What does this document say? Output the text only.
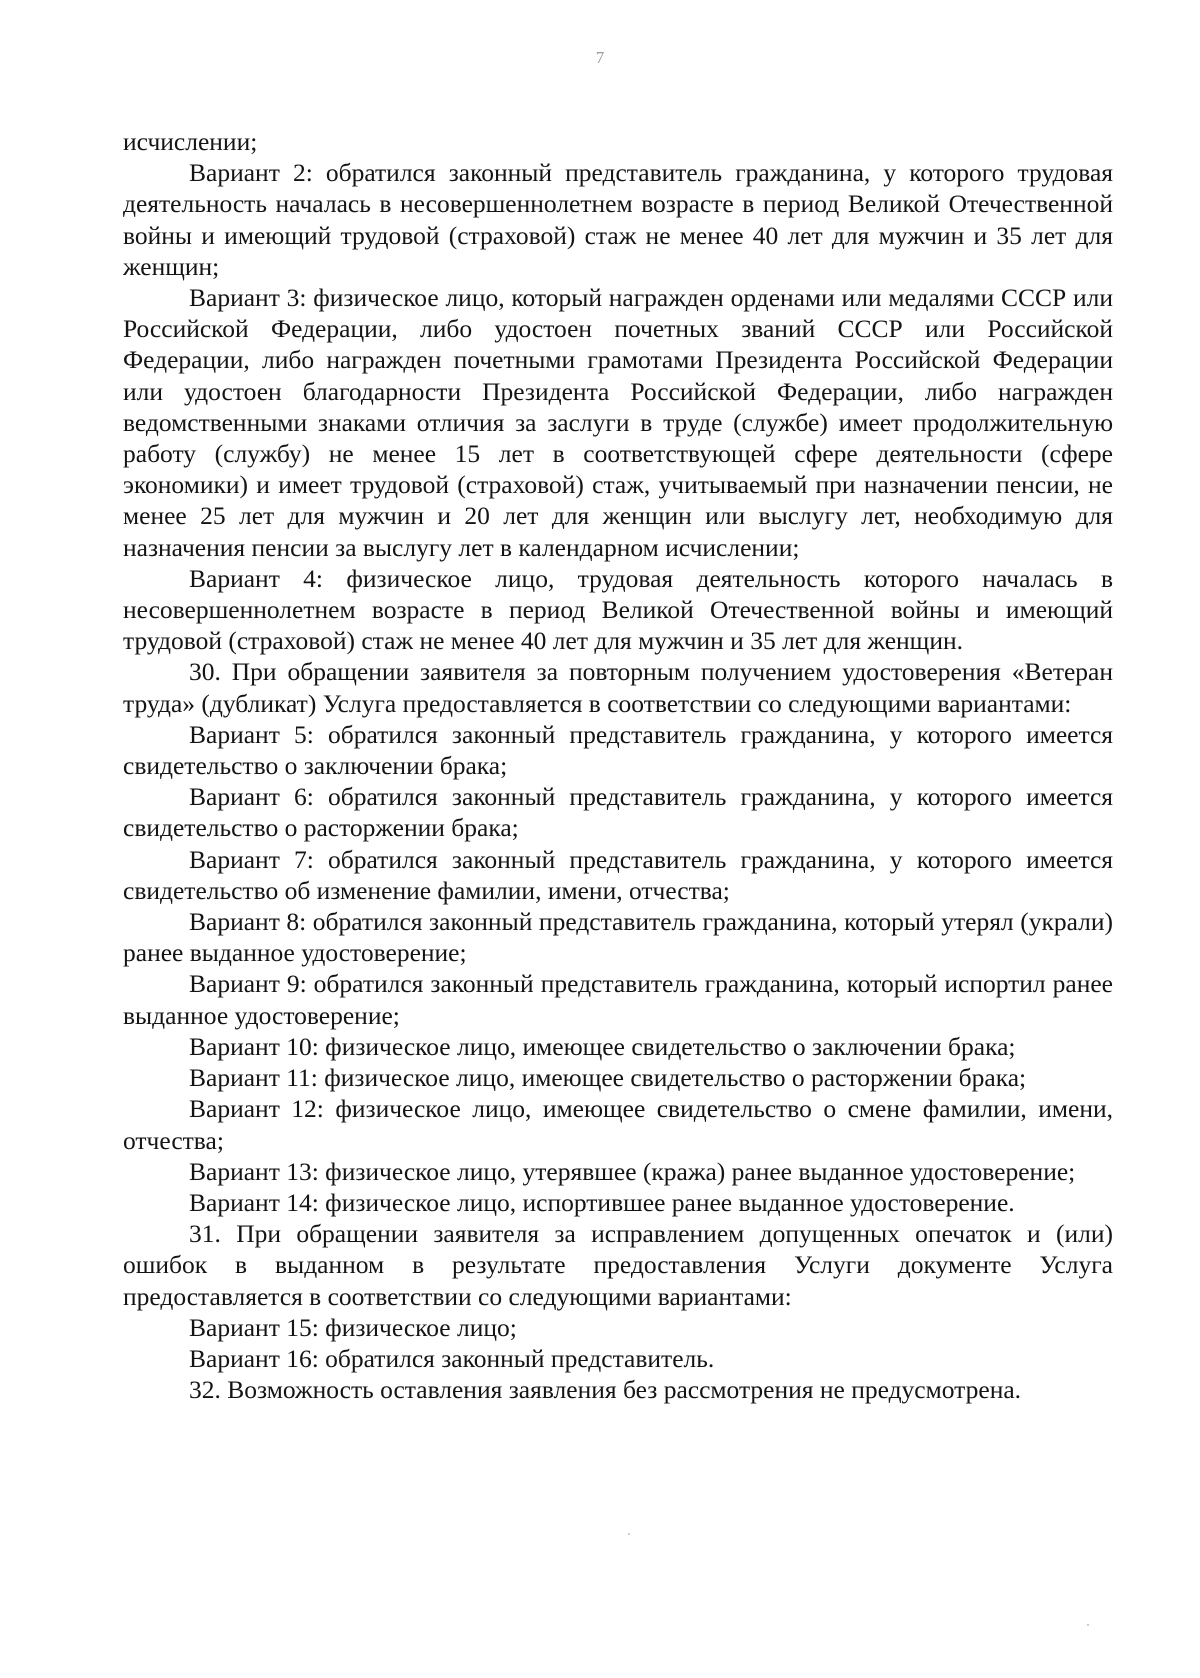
7

исчислении;

Вариант 2: обратился законный представитель гражданина, у которого трудовая деятельность началась в несовершеннолетнем возрасте в период Великой Отечественной войны и имеющий трудовой (страховой) стаж не менее 40 лет для мужчин и 35 лет для женщин;

Вариант 3: физическое лицо, который награжден орденами или медалями СССР или Российской Федерации, либо удостоен почетных званий СССР или Российской Федерации, либо награжден почетными грамотами Президента Российской Федерации или удостоен благодарности Президента Российской Федерации, либо награжден ведомственными знаками отличия за заслуги в труде (службе) имеет продолжительную работу (службу) не менее 15 лет в соответствующей сфере деятельности (сфере экономики) и имеет трудовой (страховой) стаж, учитываемый при назначении пенсии, не менее 25 лет для мужчин и 20 лет для женщин или выслугу лет, необходимую для назначения пенсии за выслугу лет в календарном исчислении;

Вариант 4: физическое лицо, трудовая деятельность которого началась в несовершеннолетнем возрасте в период Великой Отечественной войны и имеющий трудовой (страховой) стаж не менее 40 лет для мужчин и 35 лет для женщин.

30. При обращении заявителя за повторным получением удостоверения «Ветеран труда» (дубликат) Услуга предоставляется в соответствии со следующими вариантами:

Вариант 5: обратился законный представитель гражданина, у которого имеется свидетельство о заключении брака;

Вариант 6: обратился законный представитель гражданина, у которого имеется свидетельство о расторжении брака;

Вариант 7: обратился законный представитель гражданина, у которого имеется свидетельство об изменение фамилии, имени, отчества;

Вариант 8: обратился законный представитель гражданина, который утерял (украли) ранее выданное удостоверение;

Вариант 9: обратился законный представитель гражданина, который испортил ранее выданное удостоверение;

Вариант 10: физическое лицо, имеющее свидетельство о заключении брака;

Вариант 11: физическое лицо, имеющее свидетельство о расторжении брака;

Вариант 12: физическое лицо, имеющее свидетельство о смене фамилии, имени, отчества;

Вариант 13: физическое лицо, утерявшее (кража) ранее выданное удостоверение;

Вариант 14: физическое лицо, испортившее ранее выданное удостоверение.

31. При обращении заявителя за исправлением допущенных опечаток и (или) ошибок в выданном в результате предоставления Услуги документе Услуга предоставляется в соответствии со следующими вариантами:

Вариант 15: физическое лицо;

Вариант 16: обратился законный представитель.

32. Возможность оставления заявления без рассмотрения не предусмотрена.
